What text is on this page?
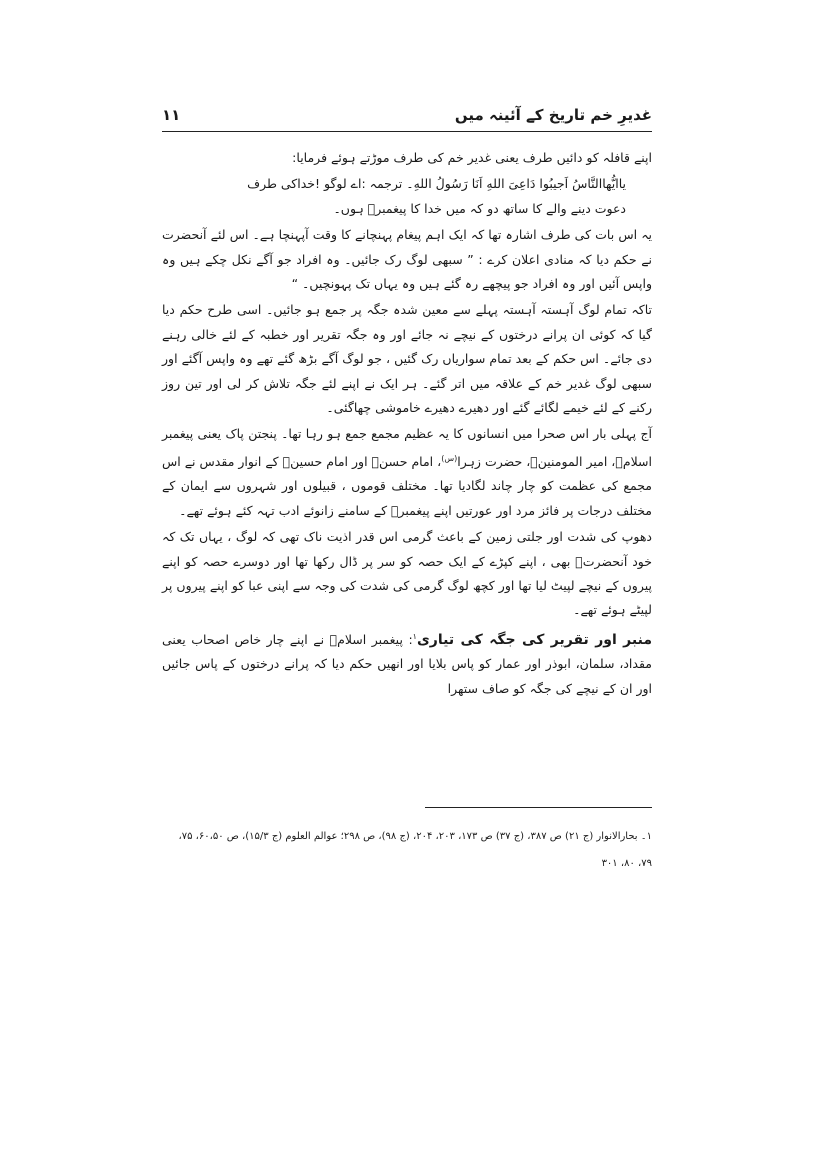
غدیرِ خم تاریخ کے آئینہ میں
۱۱

اپنے قافلہ کو دائیں طرف یعنی غدیر خم کی طرف موڑتے ہوئے فرمایا:

یاایُّهاالنَّاسُ اَجیبُوا دَاعِیَ اللهِ اَنَا رَسُولُ اللهِ۔ ترجمہ :اے لوگو !خداکی طرف
دعوت دینے والے کا ساتھ دو کہ میں خدا کا پیغمبرؐ ہوں۔

یہ اس بات کی طرف اشارہ تھا کہ ایک اہم پیغام پہنچانے کا وقت آپہنچا ہے۔ اس لئے آنحضرت نے حکم دیا کہ منادی اعلان کرے : ” سبھی لوگ رک جائیں۔ وہ افراد جو آگے نکل چکے ہیں وہ واپس آئیں اور وہ افراد جو پیچھے رہ گئے ہیں وہ یہاں تک پہونچیں۔ “

تاکہ تمام لوگ آہستہ آہستہ پہلے سے معین شدہ جگہ پر جمع ہو جائیں۔ اسی طرح حکم دیا گیا کہ کوئی ان پرانے درختوں کے نیچے نہ جائے اور وہ جگہ تقریر اور خطبہ کے لئے خالی رہنے دی جائے۔ اس حکم کے بعد تمام سواریاں رک گئیں ، جو لوگ آگے بڑھ گئے تھے وہ واپس آگئے اور سبھی لوگ غدیر خم کے علاقہ میں اتر گئے۔ ہر ایک نے اپنے لئے جگہ تلاش کر لی اور تین روز رکنے کے لئے خیمے لگائے گئے اور دھیرے دھیرے خاموشی چھاگئی۔

آج پہلی بار اس صحرا میں انسانوں کا یہ عظیم مجمع جمع ہو رہا تھا۔ پنجتن پاک یعنی پیغمبر اسلامؐ، امیر المومنینؑ، حضرت زہرا$^{(س)}$، امام حسنؑ اور امام حسینؑ کے انوار مقدس نے اس مجمع کی عظمت کو چار چاند لگادیا تھا۔ مختلف قوموں ، قبیلوں اور شہروں سے ایمان کے مختلف درجات پر فائز مرد اور عورتیں اپنے پیغمبرؐ کے سامنے زانوئے ادب تہہ کئے ہوئے تھے۔

دھوپ کی شدت اور جلتی زمین کے باعث گرمی اس قدر اذیت ناک تھی کہ لوگ ، یہاں تک کہ خود آنحضرتؐ بھی ، اپنے کپڑے کے ایک حصہ کو سر پر ڈال رکھا تھا اور دوسرے حصہ کو اپنے پیروں کے نیچے لپیٹ لیا تھا اور کچھ لوگ گرمی کی شدت کی وجہ سے اپنی عبا کو اپنے پیروں پر لپیٹے ہوئے تھے۔

منبر اور تقریر کی جگہ کی تیاری$^۱$: پیغمبر اسلامؐ نے اپنے چار خاص اصحاب یعنی مقداد، سلمان، ابوذر اور عمار کو پاس بلایا اور انھیں حکم دیا کہ پرانے درختوں کے پاس جائیں اور ان کے نیچے کی جگہ کو صاف ستھرا

۱۔ بحارالانوار (ج ۲۱) ص ۳۸۷، (ج ۳۷) ص ۱۷۳، ۲۰۳، ۲۰۴، (ج ۹۸)، ص ۲۹۸؛ عوالم العلوم (ج ۱۵/۳)، ص ۶۰،۵۰، ۷۵،
۷۹، ۸۰، ۳۰۱
